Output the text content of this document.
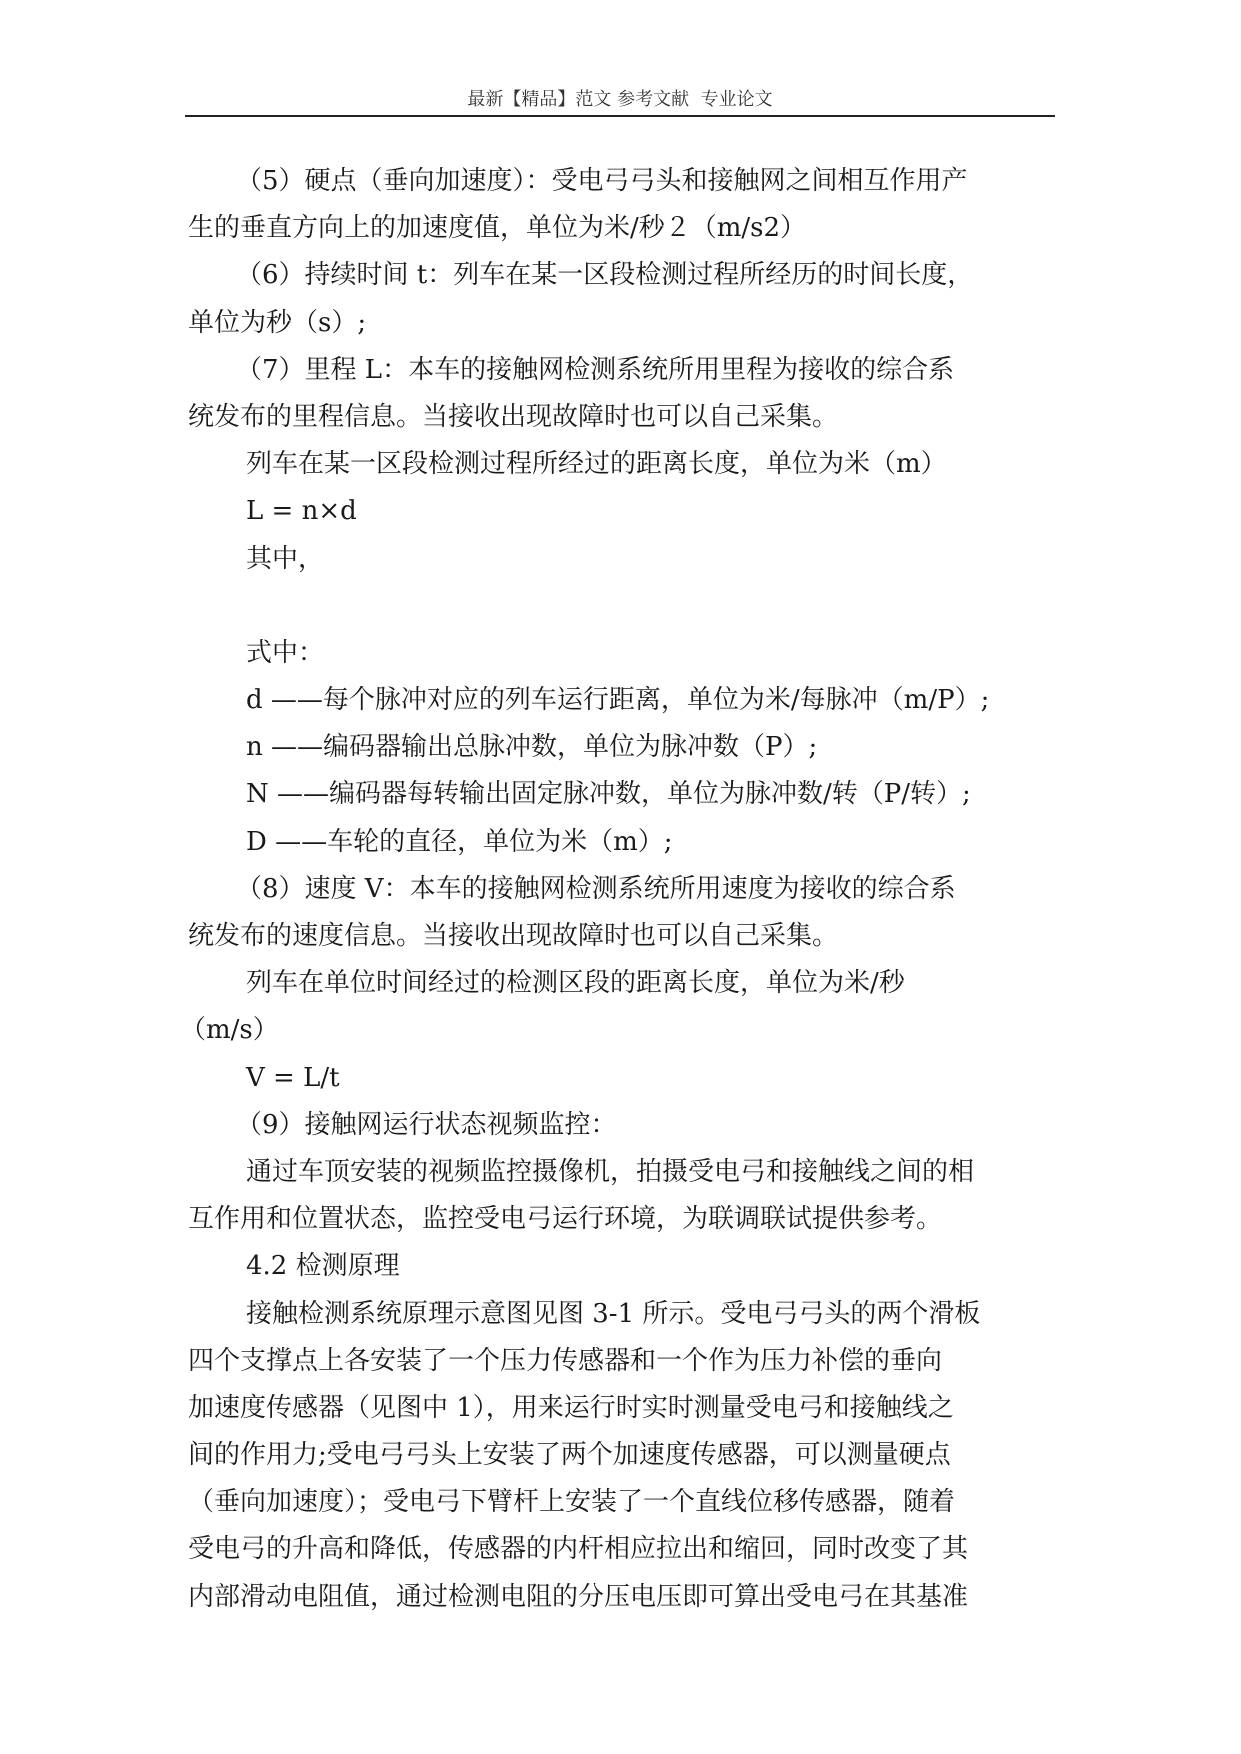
最新【精品】范文 参考文献  专业论文

（5）硬点（垂向加速度）：受电弓弓头和接触网之间相互作用产

生的垂直方向上的加速度值，单位为米/秒２（m/s2）

（6）持续时间 t：列车在某一区段检测过程所经历的时间长度，

单位为秒（s）;

（7）里程 L：本车的接触网检测系统所用里程为接收的综合系

统发布的里程信息。当接收出现故障时也可以自己采集。

列车在某一区段检测过程所经过的距离长度，单位为米（m）

L = n×d

其中，

式中：

d ——每个脉冲对应的列车运行距离，单位为米/每脉冲（m/P）;

n ——编码器输出总脉冲数，单位为脉冲数（P）;

N ——编码器每转输出固定脉冲数，单位为脉冲数/转（P/转）;

D ——车轮的直径，单位为米（m）;

（8）速度 V：本车的接触网检测系统所用速度为接收的综合系

统发布的速度信息。当接收出现故障时也可以自己采集。

列车在单位时间经过的检测区段的距离长度，单位为米/秒

（m/s）

V = L/t

（9）接触网运行状态视频监控：

通过车顶安装的视频监控摄像机，拍摄受电弓和接触线之间的相

互作用和位置状态，监控受电弓运行环境，为联调联试提供参考。

4.2 检测原理

接触检测系统原理示意图见图 3-1 所示。受电弓弓头的两个滑板

四个支撑点上各安装了一个压力传感器和一个作为压力补偿的垂向

加速度传感器（见图中 1），用来运行时实时测量受电弓和接触线之

间的作用力;受电弓弓头上安装了两个加速度传感器，可以测量硬点

（垂向加速度）；受电弓下臂杆上安装了一个直线位移传感器，随着

受电弓的升高和降低，传感器的内杆相应拉出和缩回，同时改变了其

内部滑动电阻值，通过检测电阻的分压电压即可算出受电弓在其基准
